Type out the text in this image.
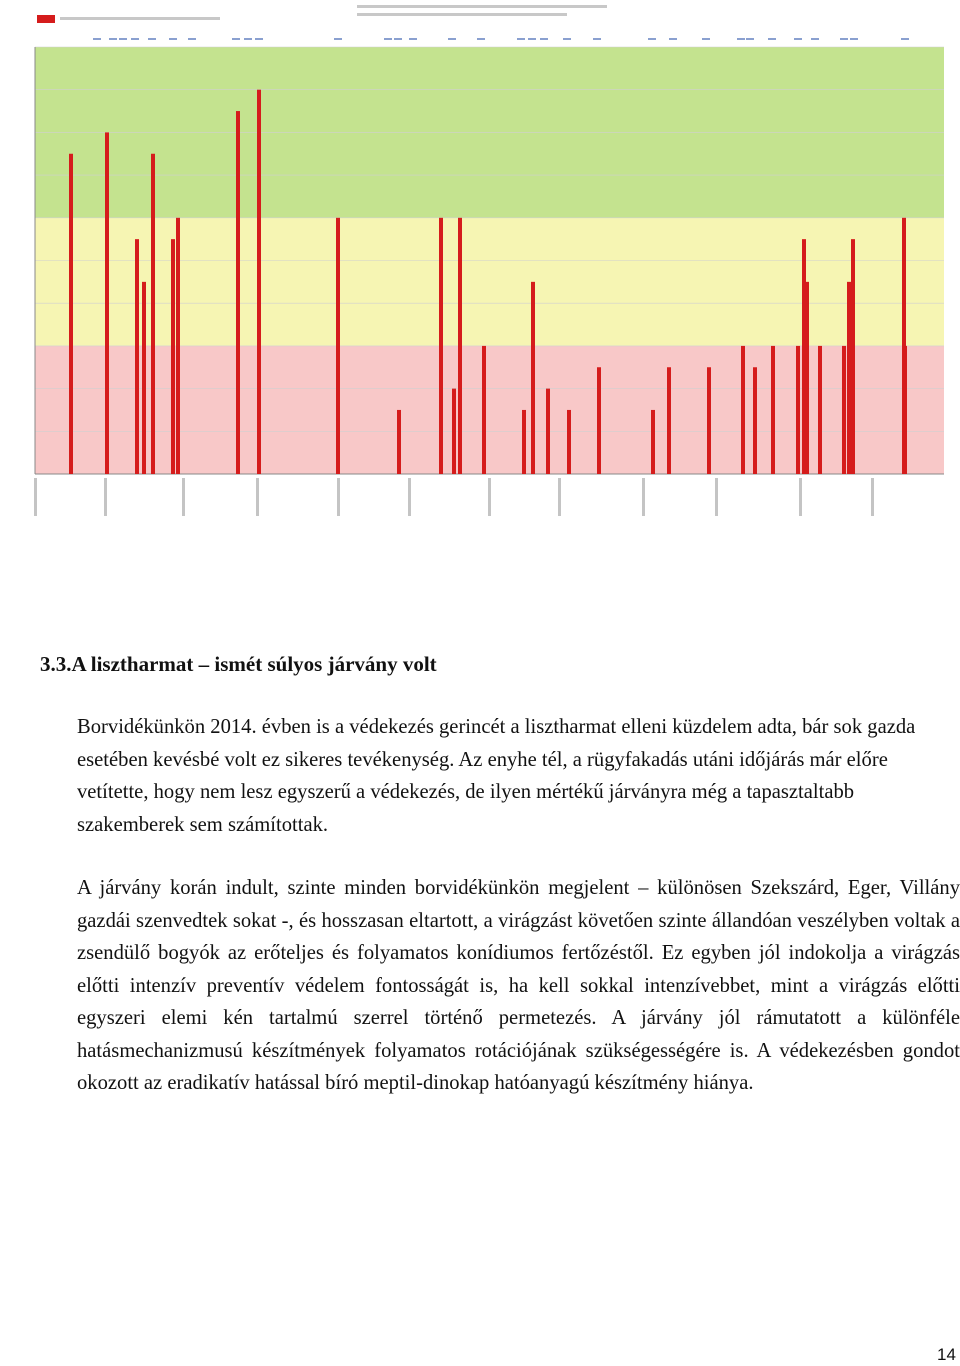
3.3.A lisztharmat – ismét súlyos járvány volt

Borvidékünkön 2014. évben is a védekezés gerincét a lisztharmat elleni küzdelem adta, bár sok gazda esetében kevésbé volt ez sikeres tevékenység. Az enyhe tél, a rügyfakadás utáni időjárás már előre vetítette, hogy nem lesz egyszerű a védekezés, de ilyen mértékű járványra még a tapasztaltabb szakemberek sem számítottak.

A járvány korán indult, szinte minden borvidékünkön megjelent – különösen Szekszárd, Eger, Villány gazdái szenvedtek sokat -, és hosszasan eltartott, a virágzást követően szinte állandóan veszélyben voltak a zsendülő bogyók az erőteljes és folyamatos konídiumos fertőzéstől. Ez egyben jól indokolja a virágzás előtti intenzív preventív védelem fontosságát is, ha kell sokkal intenzívebbet, mint a virágzás előtti egyszeri elemi kén tartalmú szerrel történő permetezés. A járvány jól rámutatott a különféle hatásmechanizmusú készítmények folyamatos rotációjának szükségességére is. A védekezésben gondot okozott az eradikatív hatással bíró meptil-dinokap hatóanyagú készítmény hiánya.

14
